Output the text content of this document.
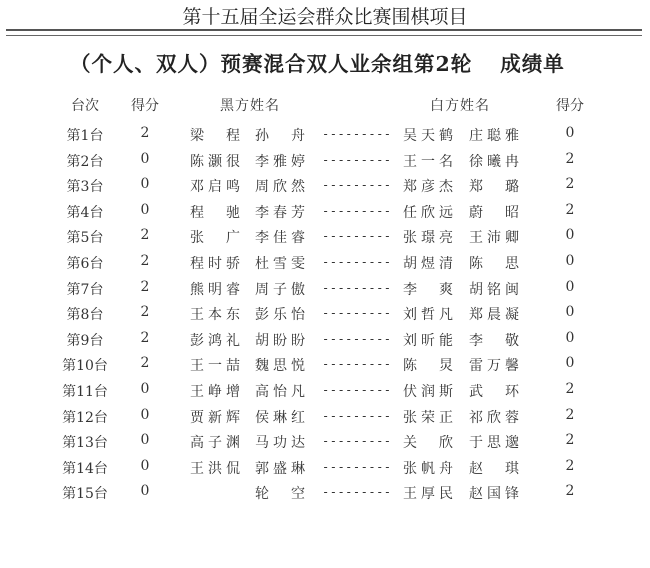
第十五届全运会群众比赛围棋项目
（个人、双人）预赛混合双人业余组第2轮 成绩单
台次	得分	黑方姓名	白方姓名	得分
第1台	2	梁程 孙舟 --------- 吴天鹤 庄聪雅	0
第2台	0	陈灏很 李雅婷 --------- 王一名 徐曦冉	2
第3台	0	邓启鸣 周欣然 --------- 郑彦杰 郑璐	2
第4台	0	程驰 李春芳 --------- 任欣远 蔚昭	2
第5台	2	张广 李佳睿 --------- 张璟亮 王沛卿	0
第6台	2	程时骄 杜雪雯 --------- 胡煜清 陈思	0
第7台	2	熊明睿 周子傲 --------- 李爽 胡铭闽	0
第8台	2	王本东 彭乐怡 --------- 刘哲凡 郑晨凝	0
第9台	2	彭鸿礼 胡盼盼 --------- 刘昕能 李敬	0
第10台	2	王一喆 魏思悦 --------- 陈炅 雷万馨	0
第11台	0	王峥增 高怡凡 --------- 伏润斯 武环	2
第12台	0	贾新辉 侯琳红 --------- 张荣正 祁欣蓉	2
第13台	0	高子渊 马功达 --------- 关欣 于思邈	2
第14台	0	王洪侃 郭盛琳 --------- 张帆舟 赵琪	2
第15台	0	轮空 --------- 王厚民 赵国锋	2
